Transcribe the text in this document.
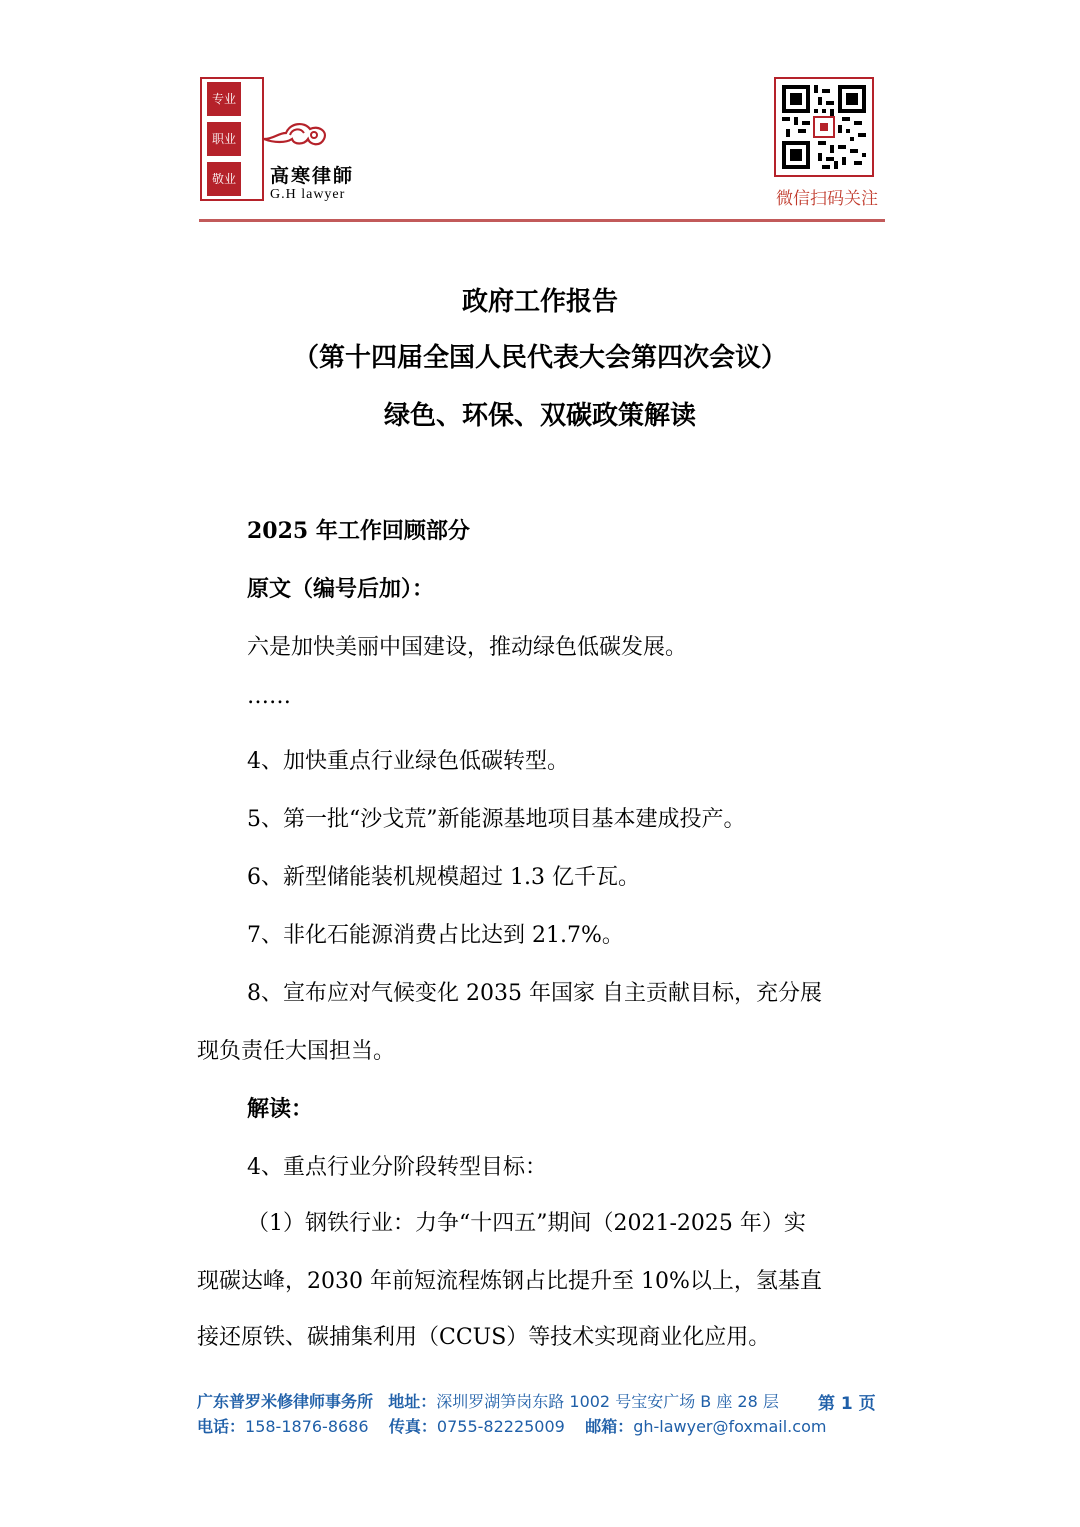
专业
职业
敬业 高寒律師
G.H lawyer	微信扫码关注
政府工作报告
（第十四届全国人民代表大会第四次会议）
绿色、环保、双碳政策解读
2025 年工作回顾部分
原文（编号后加）：
六是加快美丽中国建设，推动绿色低碳发展。
……
4、加快重点行业绿色低碳转型。
5、第一批“沙戈荒”新能源基地项目基本建成投产。
6、新型储能装机规模超过 1.3 亿千瓦。
7、非化石能源消费占比达到 21.7%。
8、宣布应对气候变化 2035 年国家 自主贡献目标，充分展
现负责任大国担当。
解读：
4、重点行业分阶段转型目标：
（1）钢铁行业：力争“十四五”期间（2021-2025 年）实
现碳达峰，2030 年前短流程炼钢占比提升至 10%以上，氢基直
接还原铁、碳捕集利用（CCUS）等技术实现商业化应用。
广东普罗米修律师事务所 地址：深圳罗湖笋岗东路 1002 号宝安广场 B 座 28 层 第 1 页
电话：158-1876-8686 传真：0755-82225009 邮箱：gh-lawyer@foxmail.com
